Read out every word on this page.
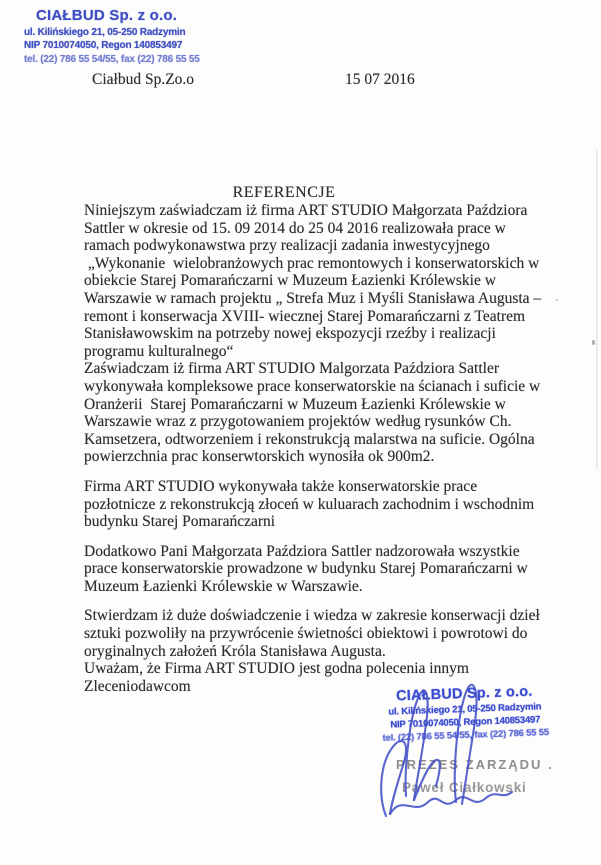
CIAŁBUD Sp. z o.o.
ul. Kilińskiego 21, 05-250 Radzymin
NIP 7010074050, Regon 140853497
tel. (22) 786 55 54/55, fax (22) 786 55 55
Ciałbud Sp.Zo.o	15 07 2016
REFERENCJE
Niniejszym zaświadczam iż firma ART STUDIO Małgorzata Paździora
Sattler w okresie od 15. 09 2014 do 25 04 2016 realizowała prace w
ramach podwykonawstwa przy realizacji zadania inwestycyjnego
„Wykonanie  wielobranżowych prac remontowych i konserwatorskich w
obiekcie Starej Pomarańczarni w Muzeum Łazienki Królewskie w
Warszawie w ramach projektu „ Strefa Muz i Myśli Stanisława Augusta –
remont i konserwacja XVIII- wiecznej Starej Pomarańczarni z Teatrem
Stanisławowskim na potrzeby nowej ekspozycji rzeźby i realizacji
programu kulturalnego“
Zaświadczam iż firma ART STUDIO Malgorzata Paździora Sattler
wykonywała kompleksowe prace konserwatorskie na ścianach i suficie w
Oranżerii  Starej Pomarańczarni w Muzeum Łazienki Królewskie w
Warszawie wraz z przygotowaniem projektów według rysunków Ch.
Kamsetzera, odtworzeniem i rekonstrukcją malarstwa na suficie. Ogólna
powierzchnia prac konserwtorskich wynosiła ok 900m2.
Firma ART STUDIO wykonywała także konserwatorskie prace
pozłotnicze z rekonstrukcją złoceń w kuluarach zachodnim i wschodnim
budynku Starej Pomarańczarni
Dodatkowo Pani Małgorzata Paździora Sattler nadzorowała wszystkie
prace konserwatorskie prowadzone w budynku Starej Pomarańczarni w
Muzeum Łazienki Królewskie w Warszawie.
Stwierdzam iż duże doświadczenie i wiedza w zakresie konserwacji dzieł
sztuki pozwoliły na przywrócenie świetności obiektowi i powrotowi do
oryginalnych założeń Króla Stanisława Augusta.
Uważam, że Firma ART STUDIO jest godna polecenia innym
Zleceniodawcom	CIAŁBUD Sp. z o.o.
ul. Kilińskiego 21, 05-250 Radzymin
NIP 7010074050, Regon 140853497
tel. (22) 786 55 54/55, fax (22) 786 55 55
PREZES ZARZĄDU .
Paweł Ciałkowski
